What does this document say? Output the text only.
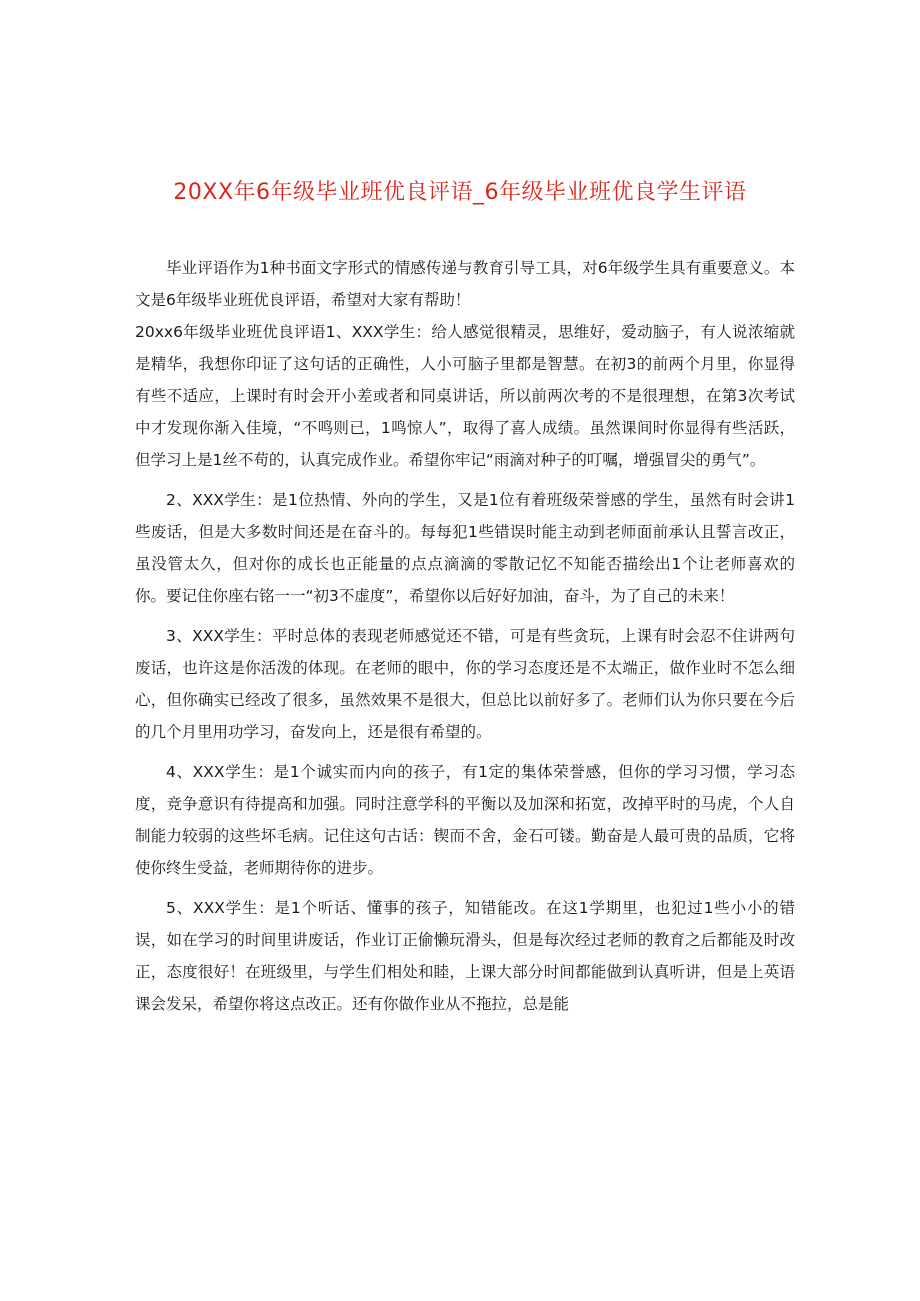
20XX年6年级毕业班优良评语_6年级毕业班优良学生评语

毕业评语作为1种书面文字形式的情感传递与教育引导工具，对6年级学生具有重要意义。本文是6年级毕业班优良评语，希望对大家有帮助！

20xx6年级毕业班优良评语1、XXX学生：给人感觉很精灵，思维好，爱动脑子，有人说浓缩就是精华，我想你印证了这句话的正确性，人小可脑子里都是智慧。在初3的前两个月里，你显得有些不适应，上课时有时会开小差或者和同桌讲话，所以前两次考的不是很理想，在第3次考试中才发现你渐入佳境，“不鸣则已，1鸣惊人”，取得了喜人成绩。虽然课间时你显得有些活跃，但学习上是1丝不苟的，认真完成作业。希望你牢记“雨滴对种子的叮嘱，增强冒尖的勇气”。

2、XXX学生：是1位热情、外向的学生，又是1位有着班级荣誉感的学生，虽然有时会讲1些废话，但是大多数时间还是在奋斗的。每每犯1些错误时能主动到老师面前承认且誓言改正，虽没管太久，但对你的成长也正能量的点点滴滴的零散记忆不知能否描绘出1个让老师喜欢的你。要记住你座右铭一一“初3不虚度”，希望你以后好好加油，奋斗，为了自己的未来！

3、XXX学生：平时总体的表现老师感觉还不错，可是有些贪玩，上课有时会忍不住讲两句废话，也许这是你活泼的体现。在老师的眼中，你的学习态度还是不太端正，做作业时不怎么细心，但你确实已经改了很多，虽然效果不是很大，但总比以前好多了。老师们认为你只要在今后的几个月里用功学习，奋发向上，还是很有希望的。

4、XXX学生：是1个诚实而内向的孩子，有1定的集体荣誉感，但你的学习习惯，学习态度，竞争意识有待提高和加强。同时注意学科的平衡以及加深和拓宽，改掉平时的马虎，个人自制能力较弱的这些坏毛病。记住这句古话：锲而不舍，金石可镂。勤奋是人最可贵的品质，它将使你终生受益，老师期待你的进步。

5、XXX学生：是1个听话、懂事的孩子，知错能改。在这1学期里，也犯过1些小小的错误，如在学习的时间里讲废话，作业订正偷懒玩滑头，但是每次经过老师的教育之后都能及时改正，态度很好！在班级里，与学生们相处和睦，上课大部分时间都能做到认真听讲，但是上英语课会发呆，希望你将这点改正。还有你做作业从不拖拉，总是能
